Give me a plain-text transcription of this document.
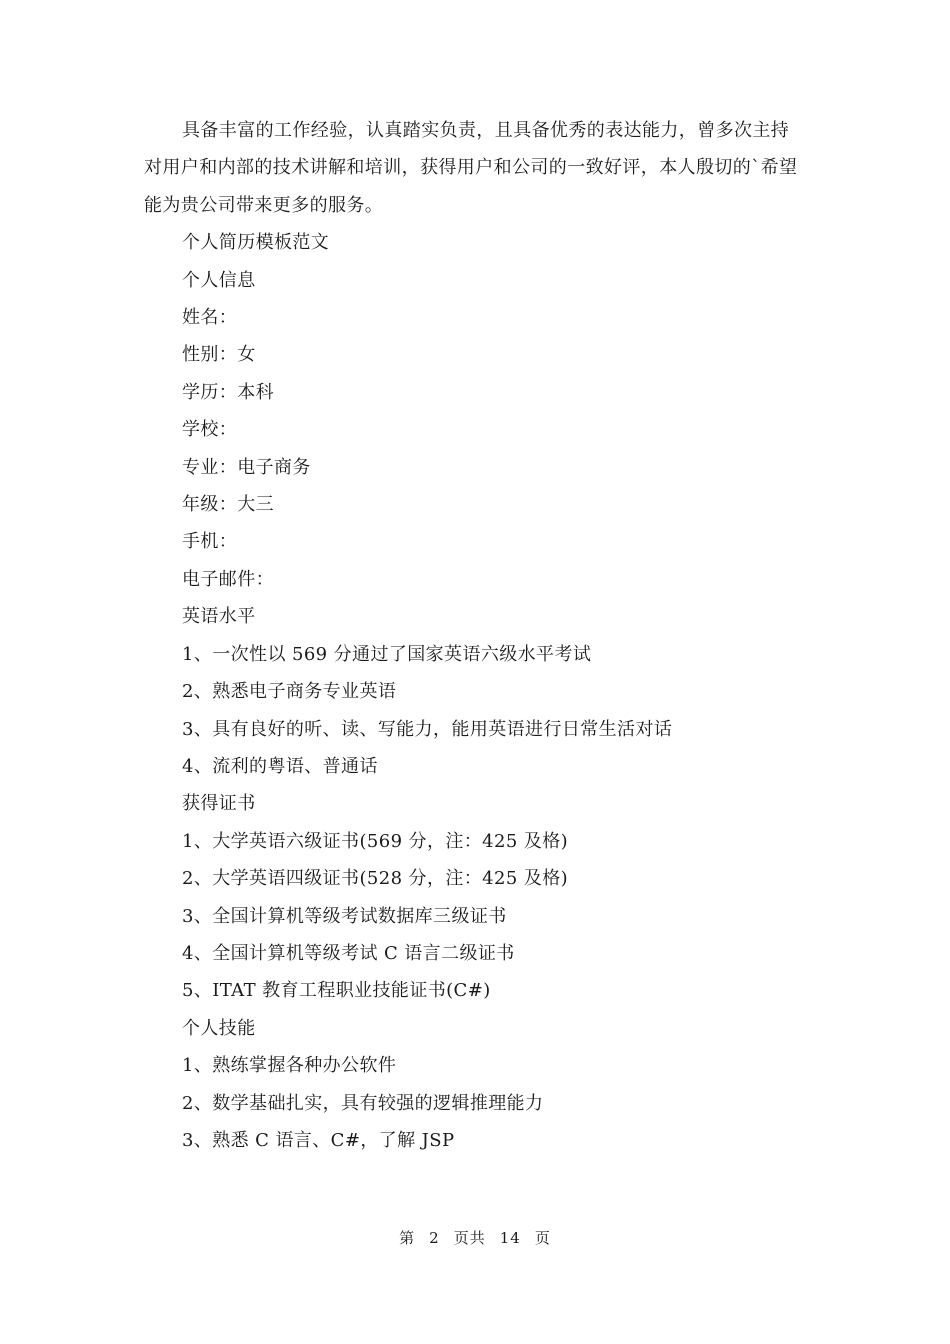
具备丰富的工作经验，认真踏实负责，且具备优秀的表达能力，曾多次主持对用户和内部的技术讲解和培训，获得用户和公司的一致好评，本人殷切的`希望能为贵公司带来更多的服务。

个人简历模板范文

个人信息

姓名：

性别：女

学历：本科

学校：

专业：电子商务

年级：大三

手机：

电子邮件：

英语水平

1、一次性以 569 分通过了国家英语六级水平考试

2、熟悉电子商务专业英语

3、具有良好的听、读、写能力，能用英语进行日常生活对话

4、流利的粤语、普通话

获得证书

1、大学英语六级证书(569 分，注：425 及格)

2、大学英语四级证书(528 分，注：425 及格)

3、全国计算机等级考试数据库三级证书

4、全国计算机等级考试 C 语言二级证书

5、ITAT 教育工程职业技能证书(C#)

个人技能

1、熟练掌握各种办公软件

2、数学基础扎实，具有较强的逻辑推理能力

3、熟悉 C 语言、C#，了解 JSP

第 2 页共 14 页
